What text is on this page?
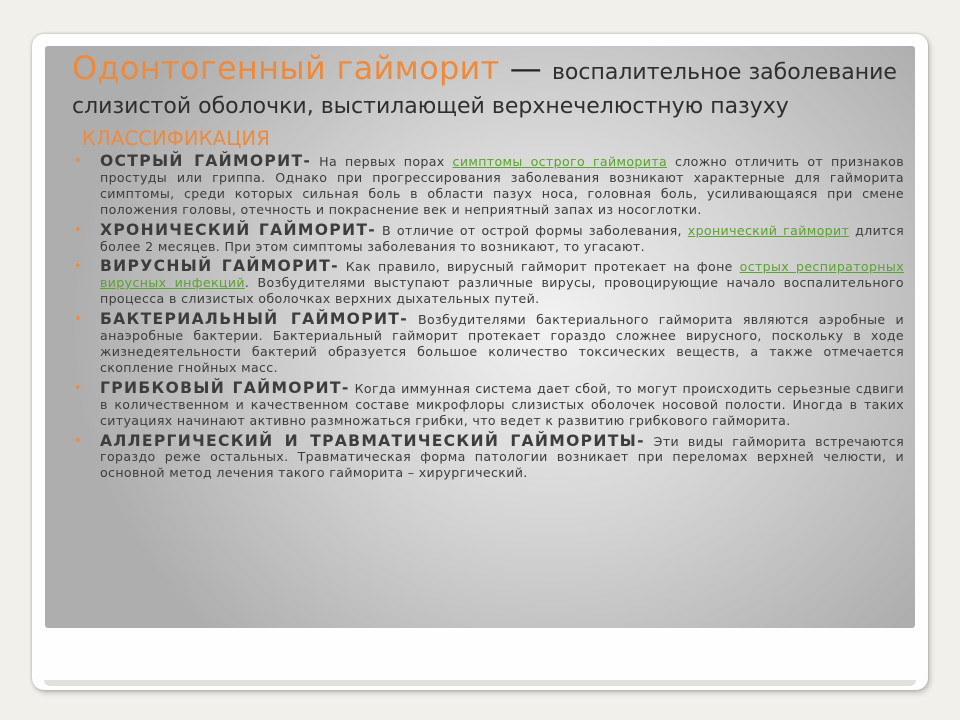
Одонтогенный гайморит — воспалительное заболевание слизистой оболочки, выстилающей верхнечелюстную пазуху
КЛАССИФИКАЦИЯ
• ОСТРЫЙ ГАЙМОРИТ- На первых порах симптомы острого гайморита сложно отличить от признаков простуды или гриппа. Однако при прогрессирования заболевания возникают характерные для гайморита симптомы, среди которых сильная боль в области пазух носа, головная боль, усиливающаяся при смене положения головы, отечность и покраснение век и неприятный запах из носоглотки.
• ХРОНИЧЕСКИЙ ГАЙМОРИТ- В отличие от острой формы заболевания, хронический гайморит длится более 2 месяцев. При этом симптомы заболевания то возникают, то угасают.
• ВИРУСНЫЙ ГАЙМОРИТ- Как правило, вирусный гайморит протекает на фоне острых респираторных вирусных инфекций. Возбудителями выступают различные вирусы, провоцирующие начало воспалительного процесса в слизистых оболочках верхних дыхательных путей.
• БАКТЕРИАЛЬНЫЙ ГАЙМОРИТ- Возбудителями бактериального гайморита являются аэробные и анаэробные бактерии. Бактериальный гайморит протекает гораздо сложнее вирусного, поскольку в ходе жизнедеятельности бактерий образуется большое количество токсических веществ, а также отмечается скопление гнойных масс.
• ГРИБКОВЫЙ ГАЙМОРИТ- Когда иммунная система дает сбой, то могут происходить серьезные сдвиги в количественном и качественном составе микрофлоры слизистых оболочек носовой полости. Иногда в таких ситуациях начинают активно размножаться грибки, что ведет к развитию грибкового гайморита.
• АЛЛЕРГИЧЕСКИЙ И ТРАВМАТИЧЕСКИЙ ГАЙМОРИТЫ- Эти виды гайморита встречаются гораздо реже остальных. Травматическая форма патологии возникает при переломах верхней челюсти, и основной метод лечения такого гайморита – хирургический.
